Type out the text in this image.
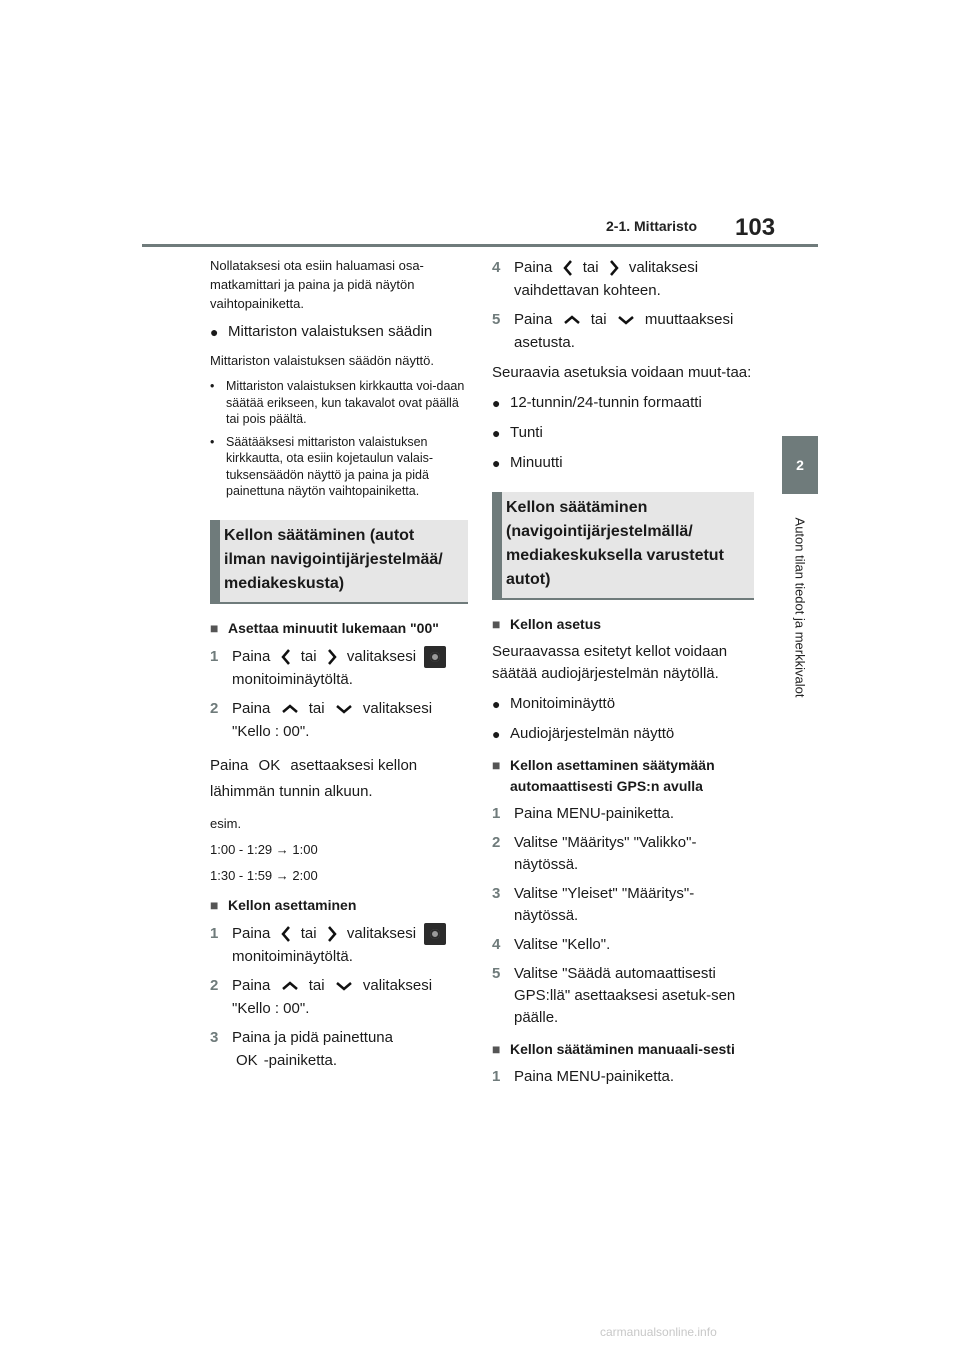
2-1. Mittaristo 103
2
Auton tilan tiedot ja merkkivalot

Nollataksesi ota esiin haluamasi osa-matkamittari ja paina ja pidä näytön vaihtopainiketta.

● Mittariston valaistuksen säädin

Mittariston valaistuksen säädön näyttö.

• Mittariston valaistuksen kirkkautta voi-daan säätää erikseen, kun takavalot ovat päällä tai pois päältä.
• Säätääksesi mittariston valaistuksen kirkkautta, ota esiin kojetaulun valais-tuksensäädön näyttö ja paina ja pidä painettuna näytön vaihtopainiketta.
Kellon säätäminen (autot ilman navigointijärjestelmää/ mediakeskusta)
■ Asettaa minuutit lukemaan "00"
1 Paina tai valitaksesi
monitoiminäytöltä.
2 Paina	tai	valitaksesi
"Kello : 00".

Paina OK asettaaksesi kellon
lähimmän tunnin alkuun.

esim.

1:00 - 1:29 → 1:00

1:30 - 1:59 → 2:00

■ Kellon asettaminen
1 Paina tai valitaksesi
monitoiminäytöltä.
2 Paina	tai	valitaksesi
"Kello : 00".
3 Paina ja pidä painettuna
OK -painiketta.
4 Paina tai valitaksesi
vaihdettavan kohteen.
5 Paina	tai	muuttaaksesi
asetusta.

Seuraavia asetuksia voidaan muut-taa:

● 12-tunnin/24-tunnin formaatti
● Tunti
● Minuutti
Kellon säätäminen (navigointijärjestelmällä/ mediakeskuksella varustetut autot)
■ Kellon asetus

Seuraavassa esitetyt kellot voidaan säätää audiojärjestelmän näytöllä.

● Monitoiminäyttö
● Audiojärjestelmän näyttö
■ Kellon asettaminen säätymään automaattisesti GPS:n avulla
1 Paina MENU-painiketta.
2 Valitse "Määritys" "Valikko"-näytössä.
3 Valitse "Yleiset" "Määritys"-näytössä.
4 Valitse "Kello".
5 Valitse "Säädä automaattisesti GPS:llä" asettaaksesi asetuk-sen päälle.
■ Kellon säätäminen manuaali-sesti
1 Paina MENU-painiketta.
carmanualsonline.info
